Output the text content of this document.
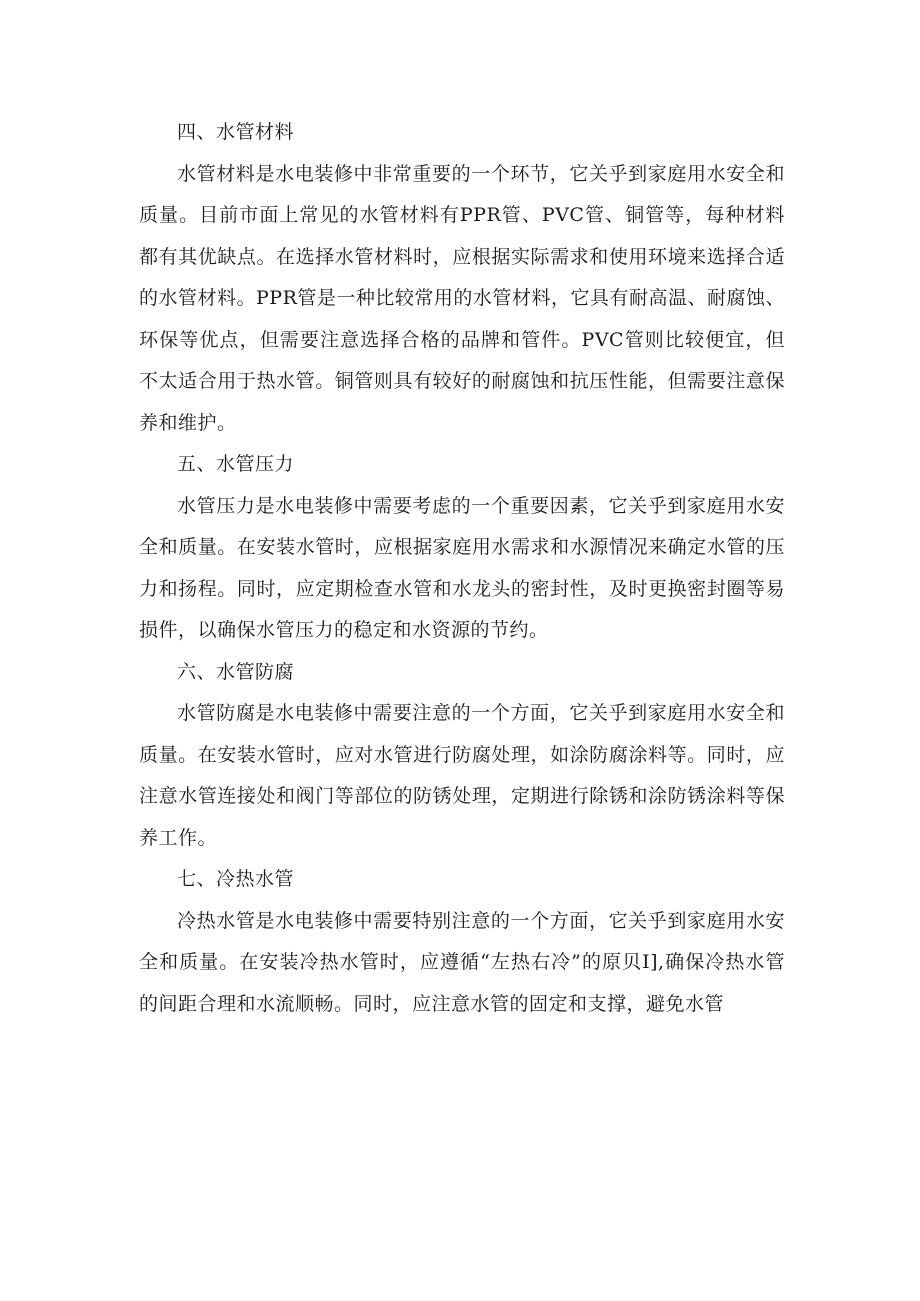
四、水管材料

水管材料是水电装修中非常重要的一个环节，它关乎到家庭用水安全和质量。目前市面上常见的水管材料有PPR管、PVC管、铜管等，每种材料都有其优缺点。在选择水管材料时，应根据实际需求和使用环境来选择合适的水管材料。PPR管是一种比较常用的水管材料，它具有耐高温、耐腐蚀、环保等优点，但需要注意选择合格的品牌和管件。PVC管则比较便宜，但不太适合用于热水管。铜管则具有较好的耐腐蚀和抗压性能，但需要注意保养和维护。

五、水管压力

水管压力是水电装修中需要考虑的一个重要因素，它关乎到家庭用水安全和质量。在安装水管时，应根据家庭用水需求和水源情况来确定水管的压力和扬程。同时，应定期检查水管和水龙头的密封性，及时更换密封圈等易损件，以确保水管压力的稳定和水资源的节约。

六、水管防腐

水管防腐是水电装修中需要注意的一个方面，它关乎到家庭用水安全和质量。在安装水管时，应对水管进行防腐处理，如涂防腐涂料等。同时，应注意水管连接处和阀门等部位的防锈处理，定期进行除锈和涂防锈涂料等保养工作。

七、冷热水管

冷热水管是水电装修中需要特别注意的一个方面，它关乎到家庭用水安全和质量。在安装冷热水管时，应遵循“左热右冷”的原贝I],确保冷热水管的间距合理和水流顺畅。同时，应注意水管的固定和支撑，避免水管
